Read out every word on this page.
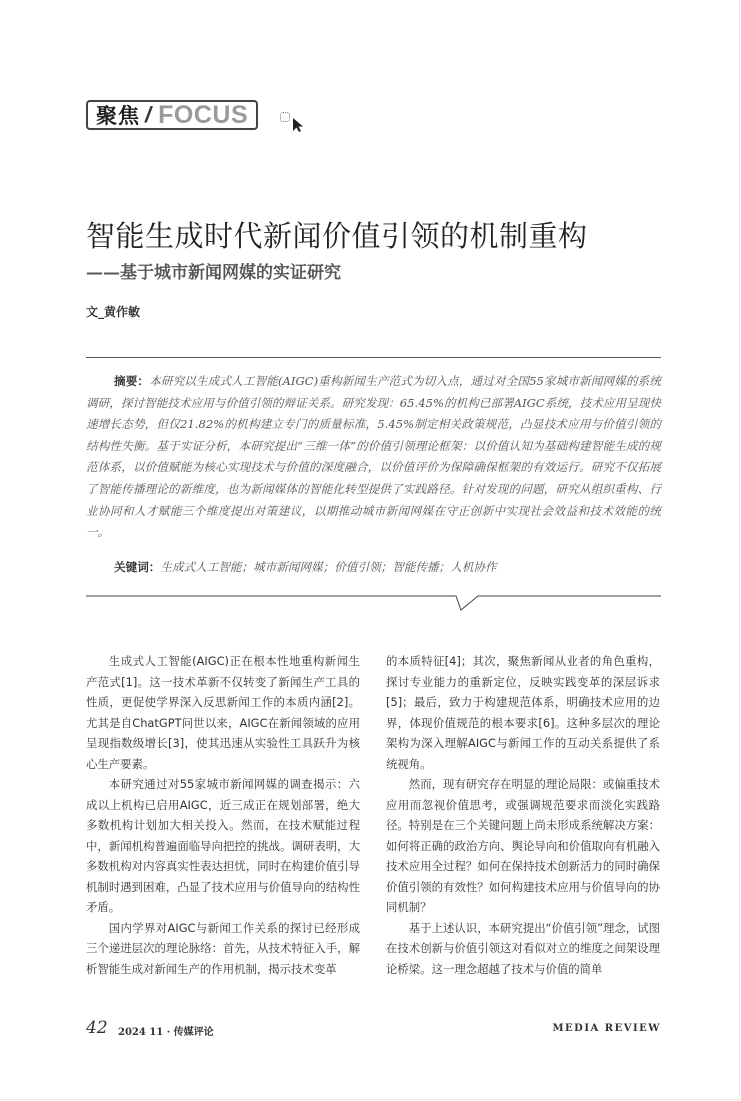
聚焦 / FOCUS
智能生成时代新闻价值引领的机制重构
——基于城市新闻网媒的实证研究
文_黄作敏

摘要：本研究以生成式人工智能(AIGC)重构新闻生产范式为切入点，通过对全国55家城市新闻网媒的系统调研，探讨智能技术应用与价值引领的辩证关系。研究发现：65.45%的机构已部署AIGC系统，技术应用呈现快速增长态势，但仅21.82%的机构建立专门的质量标准，5.45%制定相关政策规范，凸显技术应用与价值引领的结构性失衡。基于实证分析，本研究提出“三维一体”的价值引领理论框架：以价值认知为基础构建智能生成的规范体系，以价值赋能为核心实现技术与价值的深度融合，以价值评价为保障确保框架的有效运行。研究不仅拓展了智能传播理论的新维度，也为新闻媒体的智能化转型提供了实践路径。针对发现的问题，研究从组织重构、行业协同和人才赋能三个维度提出对策建议，以期推动城市新闻网媒在守正创新中实现社会效益和技术效能的统一。

关键词：生成式人工智能；城市新闻网媒；价值引领；智能传播；人机协作

生成式人工智能(AIGC)正在根本性地重构新闻生产范式[1]。这一技术革新不仅转变了新闻生产工具的性质，更促使学界深入反思新闻工作的本质内涵[2]。尤其是自ChatGPT问世以来，AIGC在新闻领域的应用呈现指数级增长[3]，使其迅速从实验性工具跃升为核心生产要素。

本研究通过对55家城市新闻网媒的调查揭示：六成以上机构已启用AIGC，近三成正在规划部署，绝大多数机构计划加大相关投入。然而，在技术赋能过程中，新闻机构普遍面临导向把控的挑战。调研表明，大多数机构对内容真实性表达担忧，同时在构建价值引导机制时遇到困难，凸显了技术应用与价值导向的结构性矛盾。

国内学界对AIGC与新闻工作关系的探讨已经形成三个递进层次的理论脉络：首先，从技术特征入手，解析智能生成对新闻生产的作用机制，揭示技术变革

的本质特征[4]；其次，聚焦新闻从业者的角色重构，探讨专业能力的重新定位，反映实践变革的深层诉求[5]；最后，致力于构建规范体系，明确技术应用的边界，体现价值规范的根本要求[6]。这种多层次的理论架构为深入理解AIGC与新闻工作的互动关系提供了系统视角。

然而，现有研究存在明显的理论局限：或偏重技术应用而忽视价值思考，或强调规范要求而淡化实践路径。特别是在三个关键问题上尚未形成系统解决方案：如何将正确的政治方向、舆论导向和价值取向有机融入技术应用全过程？如何在保持技术创新活力的同时确保价值引领的有效性？如何构建技术应用与价值导向的协同机制？

基于上述认识，本研究提出“价值引领”理念，试图在技术创新与价值引领这对看似对立的维度之间架设理论桥梁。这一理念超越了技术与价值的简单

42 2024 11 · 传媒评论	MEDIA REVIEW
